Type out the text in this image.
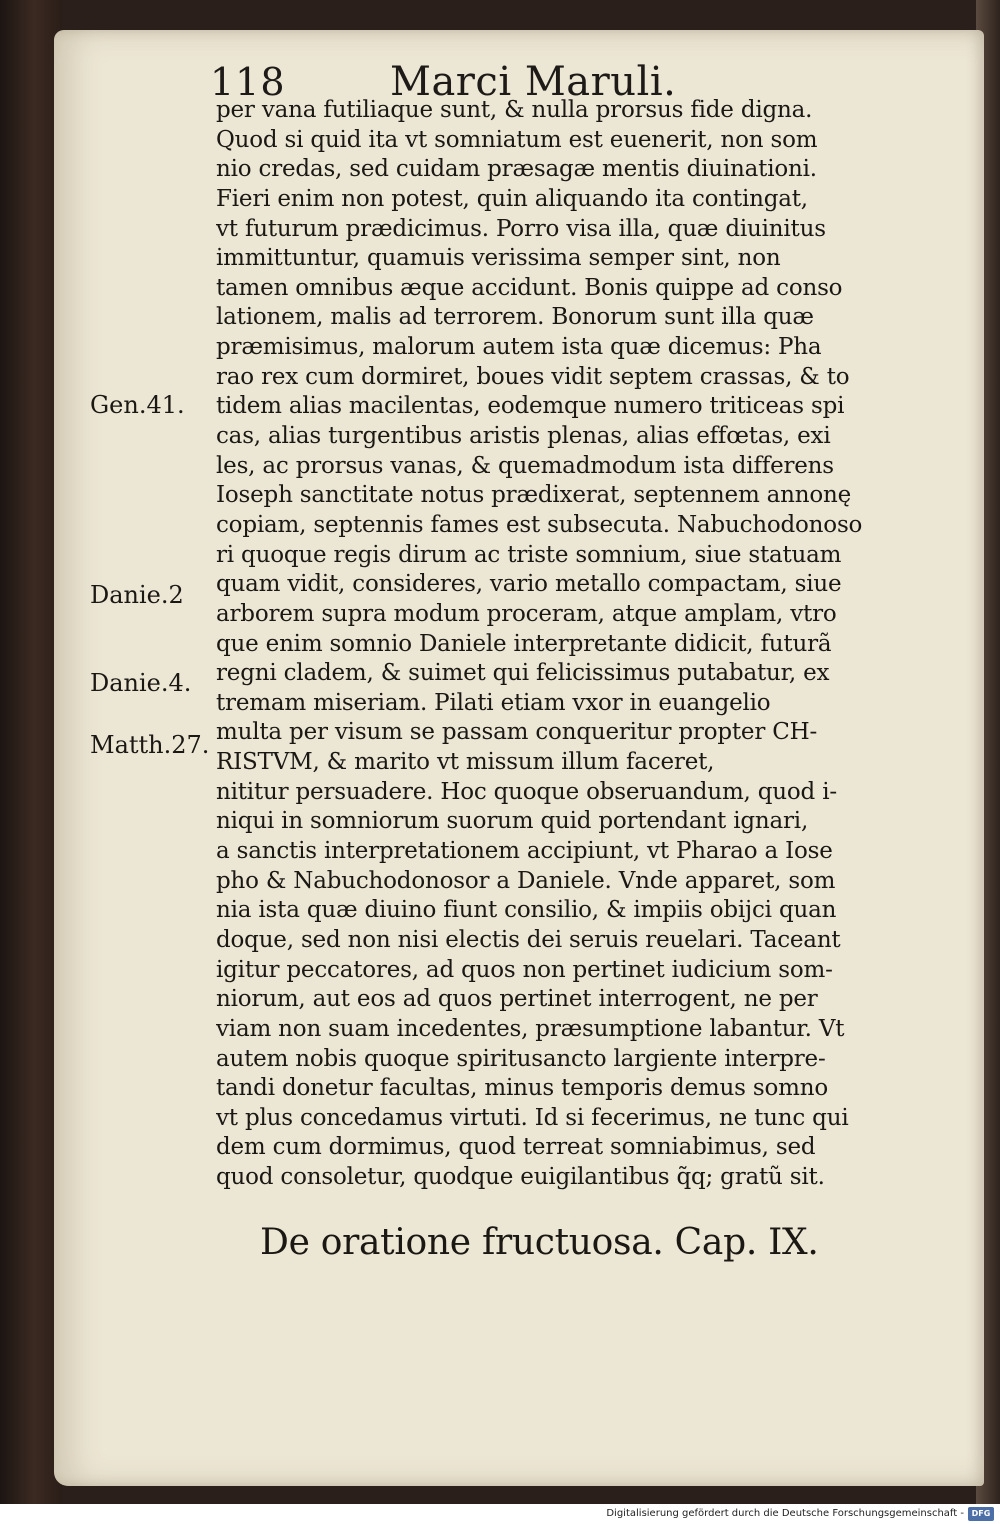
118	Marci Maruli.
Gen.41.
Danie.2
Danie.4.
Matth.27.
per vana futiliaque sunt, & nulla prorsus fide digna.
Quod si quid ita vt somniatum est euenerit, non som
nio credas, sed cuidam præsagæ mentis diuinationi.
Fieri enim non potest, quin aliquando ita contingat,
vt futurum prædicimus. Porro visa illa, quæ diuinitus
immittuntur, quamuis verissima semper sint, non
tamen omnibus æque accidunt. Bonis quippe ad conso
lationem, malis ad terrorem. Bonorum sunt illa quæ
præmisimus, malorum autem ista quæ dicemus: Pha
rao rex cum dormiret, boues vidit septem crassas, & to
tidem alias macilentas, eodemque numero triticeas spi
cas, alias turgentibus aristis plenas, alias effœtas, exi
les, ac prorsus vanas, & quemadmodum ista differens
Ioseph sanctitate notus prædixerat, septennem annonę
copiam, septennis fames est subsecuta. Nabuchodonoso
ri quoque regis dirum ac triste somnium, siue statuam
quam vidit, consideres, vario metallo compactam, siue
arborem supra modum proceram, atque amplam, vtro
que enim somnio Daniele interpretante didicit, futurã
regni cladem, & suimet qui felicissimus putabatur, ex
tremam miseriam. Pilati etiam vxor in euangelio
multa per visum se passam conqueritur propter CH-
RISTVM, & marito vt missum illum faceret,
nititur persuadere. Hoc quoque obseruandum, quod i-
niqui in somniorum suorum quid portendant ignari,
a sanctis interpretationem accipiunt, vt Pharao a Iose
pho & Nabuchodonosor a Daniele. Vnde apparet, som
nia ista quæ diuino fiunt consilio, & impiis obijci quan
doque, sed non nisi electis dei seruis reuelari. Taceant
igitur peccatores, ad quos non pertinet iudicium som-
niorum, aut eos ad quos pertinet interrogent, ne per
viam non suam incedentes, præsumptione labantur. Vt
autem nobis quoque spiritusancto largiente interpre-
tandi donetur facultas, minus temporis demus somno
vt plus concedamus virtuti. Id si fecerimus, ne tunc qui
dem cum dormimus, quod terreat somniabimus, sed
quod consoletur, quodque euigilantibus q̃q; gratũ sit.
De oratione fructuosa. Cap. IX.
Digitalisierung gefördert durch die Deutsche Forschungsgemeinschaft - DFG
